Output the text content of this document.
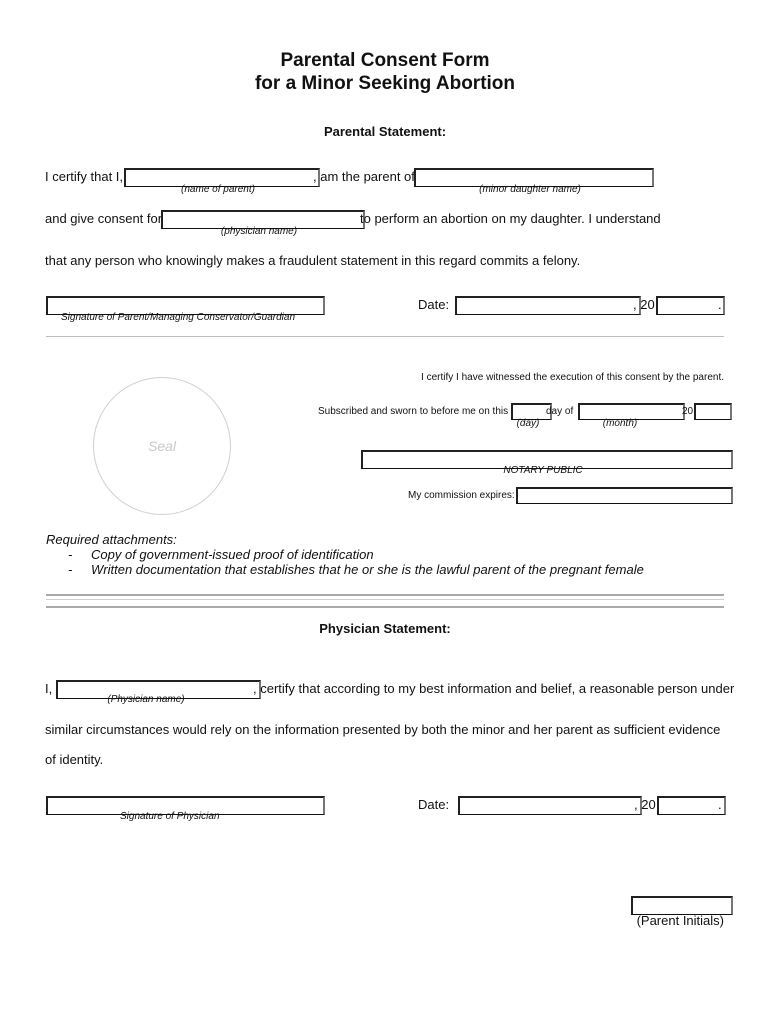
Parental Consent Form
for a Minor Seeking Abortion
Parental Statement:
I certify that I,	, am the parent of
(name of parent)	(minor daughter name)
and give consent for	to perform an abortion on my daughter. I understand
(physician name)
that any person who knowingly makes a fraudulent statement in this regard commits a felony.
Signature of Parent/Managing Conservator/Guardian
Date:	, 20	.
Seal
I certify I have witnessed the execution of this consent by the parent.
Subscribed and sworn to before me on this	day of	20
(day)	(month)
NOTARY PUBLIC
My commission expires:
Required attachments:
- Copy of government-issued proof of identification
- Written documentation that establishes that he or she is the lawful parent of the pregnant female
Physician Statement:
I,	, certify that according to my best information and belief, a reasonable person under
(Physician name)
similar circumstances would rely on the information presented by both the minor and her parent as sufficient evidence
of identity.
Signature of Physician
Date:	, 20	.
(Parent Initials)
